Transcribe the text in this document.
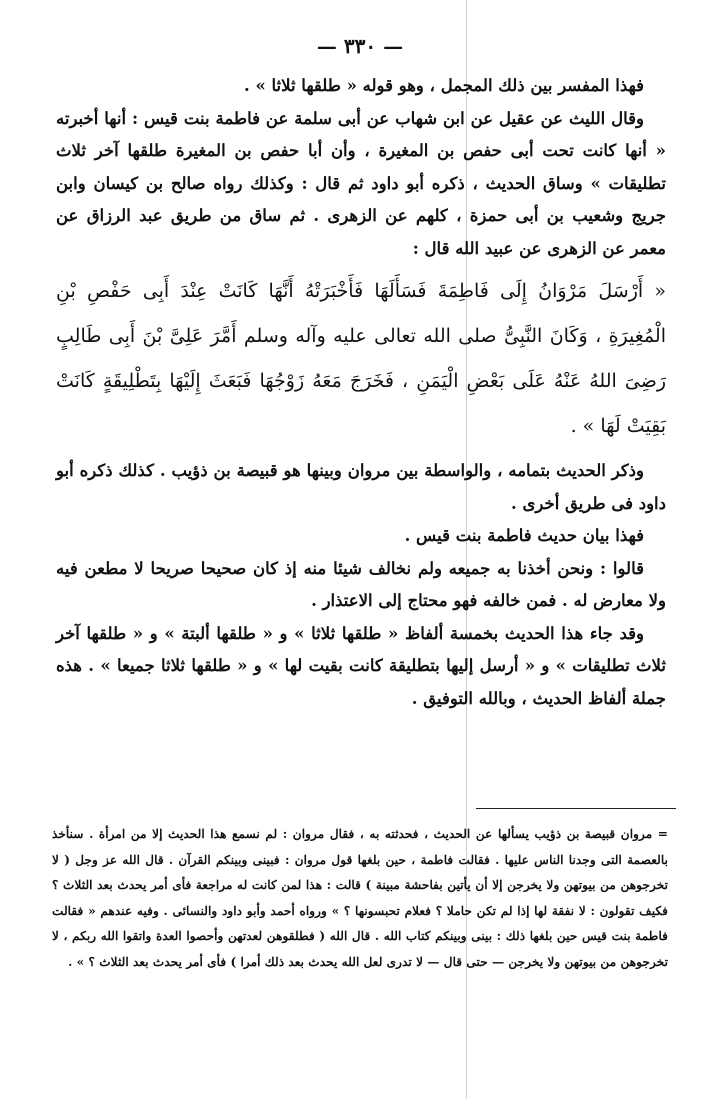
— ٣٣٠ —

فهذا المفسر بين ذلك المجمل ، وهو قوله « طلقها ثلاثا » .

وقال الليث عن عقيل عن ابن شهاب عن أبى سلمة عن فاطمة بنت قيس : أنها أخبرته « أنها كانت تحت أبى حفص بن المغيرة ، وأن أبا حفص بن المغيرة طلقها آخر ثلاث تطليقات » وساق الحديث ، ذكره أبو داود ثم قال : وكذلك رواه صالح بن كيسان وابن جريج وشعيب بن أبى حمزة ، كلهم عن الزهرى . ثم ساق من طريق عبد الرزاق عن معمر عن الزهرى عن عبيد الله قال :

« أَرْسَلَ مَرْوَانُ إِلَى فَاطِمَةَ فَسَأَلَهَا فَأَخْبَرَتْهُ أَنَّهَا كَانَتْ عِنْدَ أَبِى حَفْصِ بْنِ الْمُغِيرَةِ ، وَكَانَ النَّبِىُّ صلى الله تعالى عليه وآله وسلم أَمَّرَ عَلِىَّ بْنَ أَبِى طَالِبٍ رَضِىَ اللهُ عَنْهُ عَلَى بَعْضِ الْيَمَنِ ، فَخَرَجَ مَعَهُ زَوْجُهَا فَبَعَثَ إِلَيْهَا بِتَطْلِيقَةٍ كَانَتْ بَقِيَتْ لَهَا » .

وذكر الحديث بتمامه ، والواسطة بين مروان وبينها هو قبيصة بن ذؤيب . كذلك ذكره أبو داود فى طريق أخرى .

فهذا بيان حديث فاطمة بنت قيس .

قالوا : ونحن أخذنا به جميعه ولم نخالف شيئا منه إذ كان صحيحا صريحا لا مطعن فيه ولا معارض له . فمن خالفه فهو محتاج إلى الاعتذار .

وقد جاء هذا الحديث بخمسة ألفاظ « طلقها ثلاثا » و « طلقها ألبتة » و « طلقها آخر ثلاث تطليقات » و « أرسل إليها بتطليقة كانت بقيت لها » و « طلقها ثلاثا جميعا » . هذه جملة ألفاظ الحديث ، وبالله التوفيق .

= مروان قبيصة بن ذؤيب يسألها عن الحديث ، فحدثته به ، فقال مروان : لم نسمع هذا الحديث إلا من امرأة . سنأخذ بالعصمة التى وجدنا الناس عليها . فقالت فاطمة ، حين بلغها قول مروان : فبينى وبينكم القرآن . قال الله عز وجل ( لا تخرجوهن من بيوتهن ولا يخرجن إلا أن يأتين بفاحشة مبينة ) قالت : هذا لمن كانت له مراجعة فأى أمر يحدث بعد الثلاث ؟ فكيف تقولون : لا نفقة لها إذا لم تكن حاملا ؟ فعلام تحبسونها ؟ » ورواه أحمد وأبو داود والنسائى . وفيه عندهم « فقالت فاطمة بنت قيس حين بلغها ذلك : بينى وبينكم كتاب الله . قال الله ( فطلقوهن لعدتهن وأحصوا العدة واتقوا الله ربكم ، لا تخرجوهن من بيوتهن ولا يخرجن — حتى قال — لا تدرى لعل الله يحدث بعد ذلك أمرا ) فأى أمر يحدث بعد الثلاث ؟ » .
